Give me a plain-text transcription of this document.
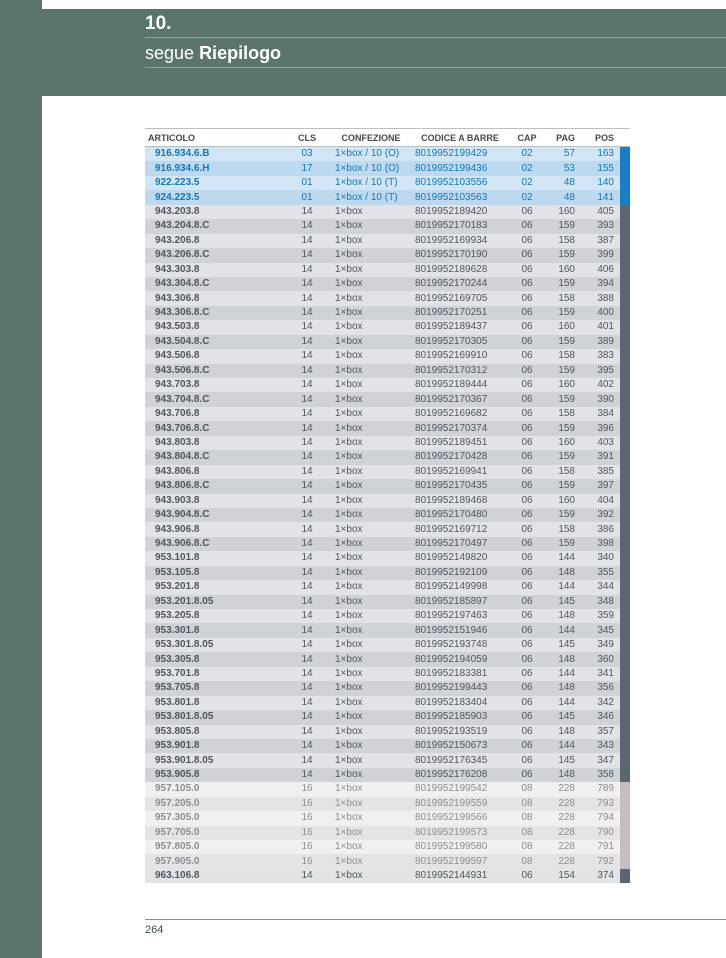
10.
segue Riepilogo
ARTICOLO	CLS	CONFEZIONE	CODICE A BARRE	CAP	PAG	POS	
916.934.6.B	03	1×box / 10 (O)	8019952199429	02	57	163	
916.934.6.H	17	1×box / 10 (O)	8019952199436	02	53	155	
922.223.5	01	1×box / 10 (T)	8019952103556	02	48	140	
924.223.5	01	1×box / 10 (T)	8019952103563	02	48	141	
943.203.8	14	1×box	8019952189420	06	160	405	
943.204.8.C	14	1×box	8019952170183	06	159	393	
943.206.8	14	1×box	8019952169934	06	158	387	
943.206.8.C	14	1×box	8019952170190	06	159	399	
943.303.8	14	1×box	8019952189628	06	160	406	
943.304.8.C	14	1×box	8019952170244	06	159	394	
943.306.8	14	1×box	8019952169705	06	158	388	
943.306.8.C	14	1×box	8019952170251	06	159	400	
943.503.8	14	1×box	8019952189437	06	160	401	
943.504.8.C	14	1×box	8019952170305	06	159	389	
943.506.8	14	1×box	8019952169910	06	158	383	
943.506.8.C	14	1×box	8019952170312	06	159	395	
943.703.8	14	1×box	8019952189444	06	160	402	
943.704.8.C	14	1×box	8019952170367	06	159	390	
943.706.8	14	1×box	8019952169682	06	158	384	
943.706.8.C	14	1×box	8019952170374	06	159	396	
943.803.8	14	1×box	8019952189451	06	160	403	
943.804.8.C	14	1×box	8019952170428	06	159	391	
943.806.8	14	1×box	8019952169941	06	158	385	
943.806.8.C	14	1×box	8019952170435	06	159	397	
943.903.8	14	1×box	8019952189468	06	160	404	
943.904.8.C	14	1×box	8019952170480	06	159	392	
943.906.8	14	1×box	8019952169712	06	158	386	
943.906.8.C	14	1×box	8019952170497	06	159	398	
953.101.8	14	1×box	8019952149820	06	144	340	
953.105.8	14	1×box	8019952192109	06	148	355	
953.201.8	14	1×box	8019952149998	06	144	344	
953.201.8.05	14	1×box	8019952185897	06	145	348	
953.205.8	14	1×box	8019952197463	06	148	359	
953.301.8	14	1×box	8019952151946	06	144	345	
953.301.8.05	14	1×box	8019952193748	06	145	349	
953.305.8	14	1×box	8019952194059	06	148	360	
953.701.8	14	1×box	8019952183381	06	144	341	
953.705.8	14	1×box	8019952199443	06	148	356	
953.801.8	14	1×box	8019952183404	06	144	342	
953.801.8.05	14	1×box	8019952185903	06	145	346	
953.805.8	14	1×box	8019952193519	06	148	357	
953.901.8	14	1×box	8019952150673	06	144	343	
953.901.8.05	14	1×box	8019952176345	06	145	347	
953.905.8	14	1×box	8019952176208	06	148	358	
957.105.0	16	1×box	8019952199542	08	228	789	
957.205.0	16	1×box	8019952199559	08	228	793	
957.305.0	16	1×box	8019952199566	08	228	794	
957.705.0	16	1×box	8019952199573	08	228	790	
957.805.0	16	1×box	8019952199580	08	228	791	
957.905.0	16	1×box	8019952199597	08	228	792	
963.106.8	14	1×box	8019952144931	06	154	374	
264
